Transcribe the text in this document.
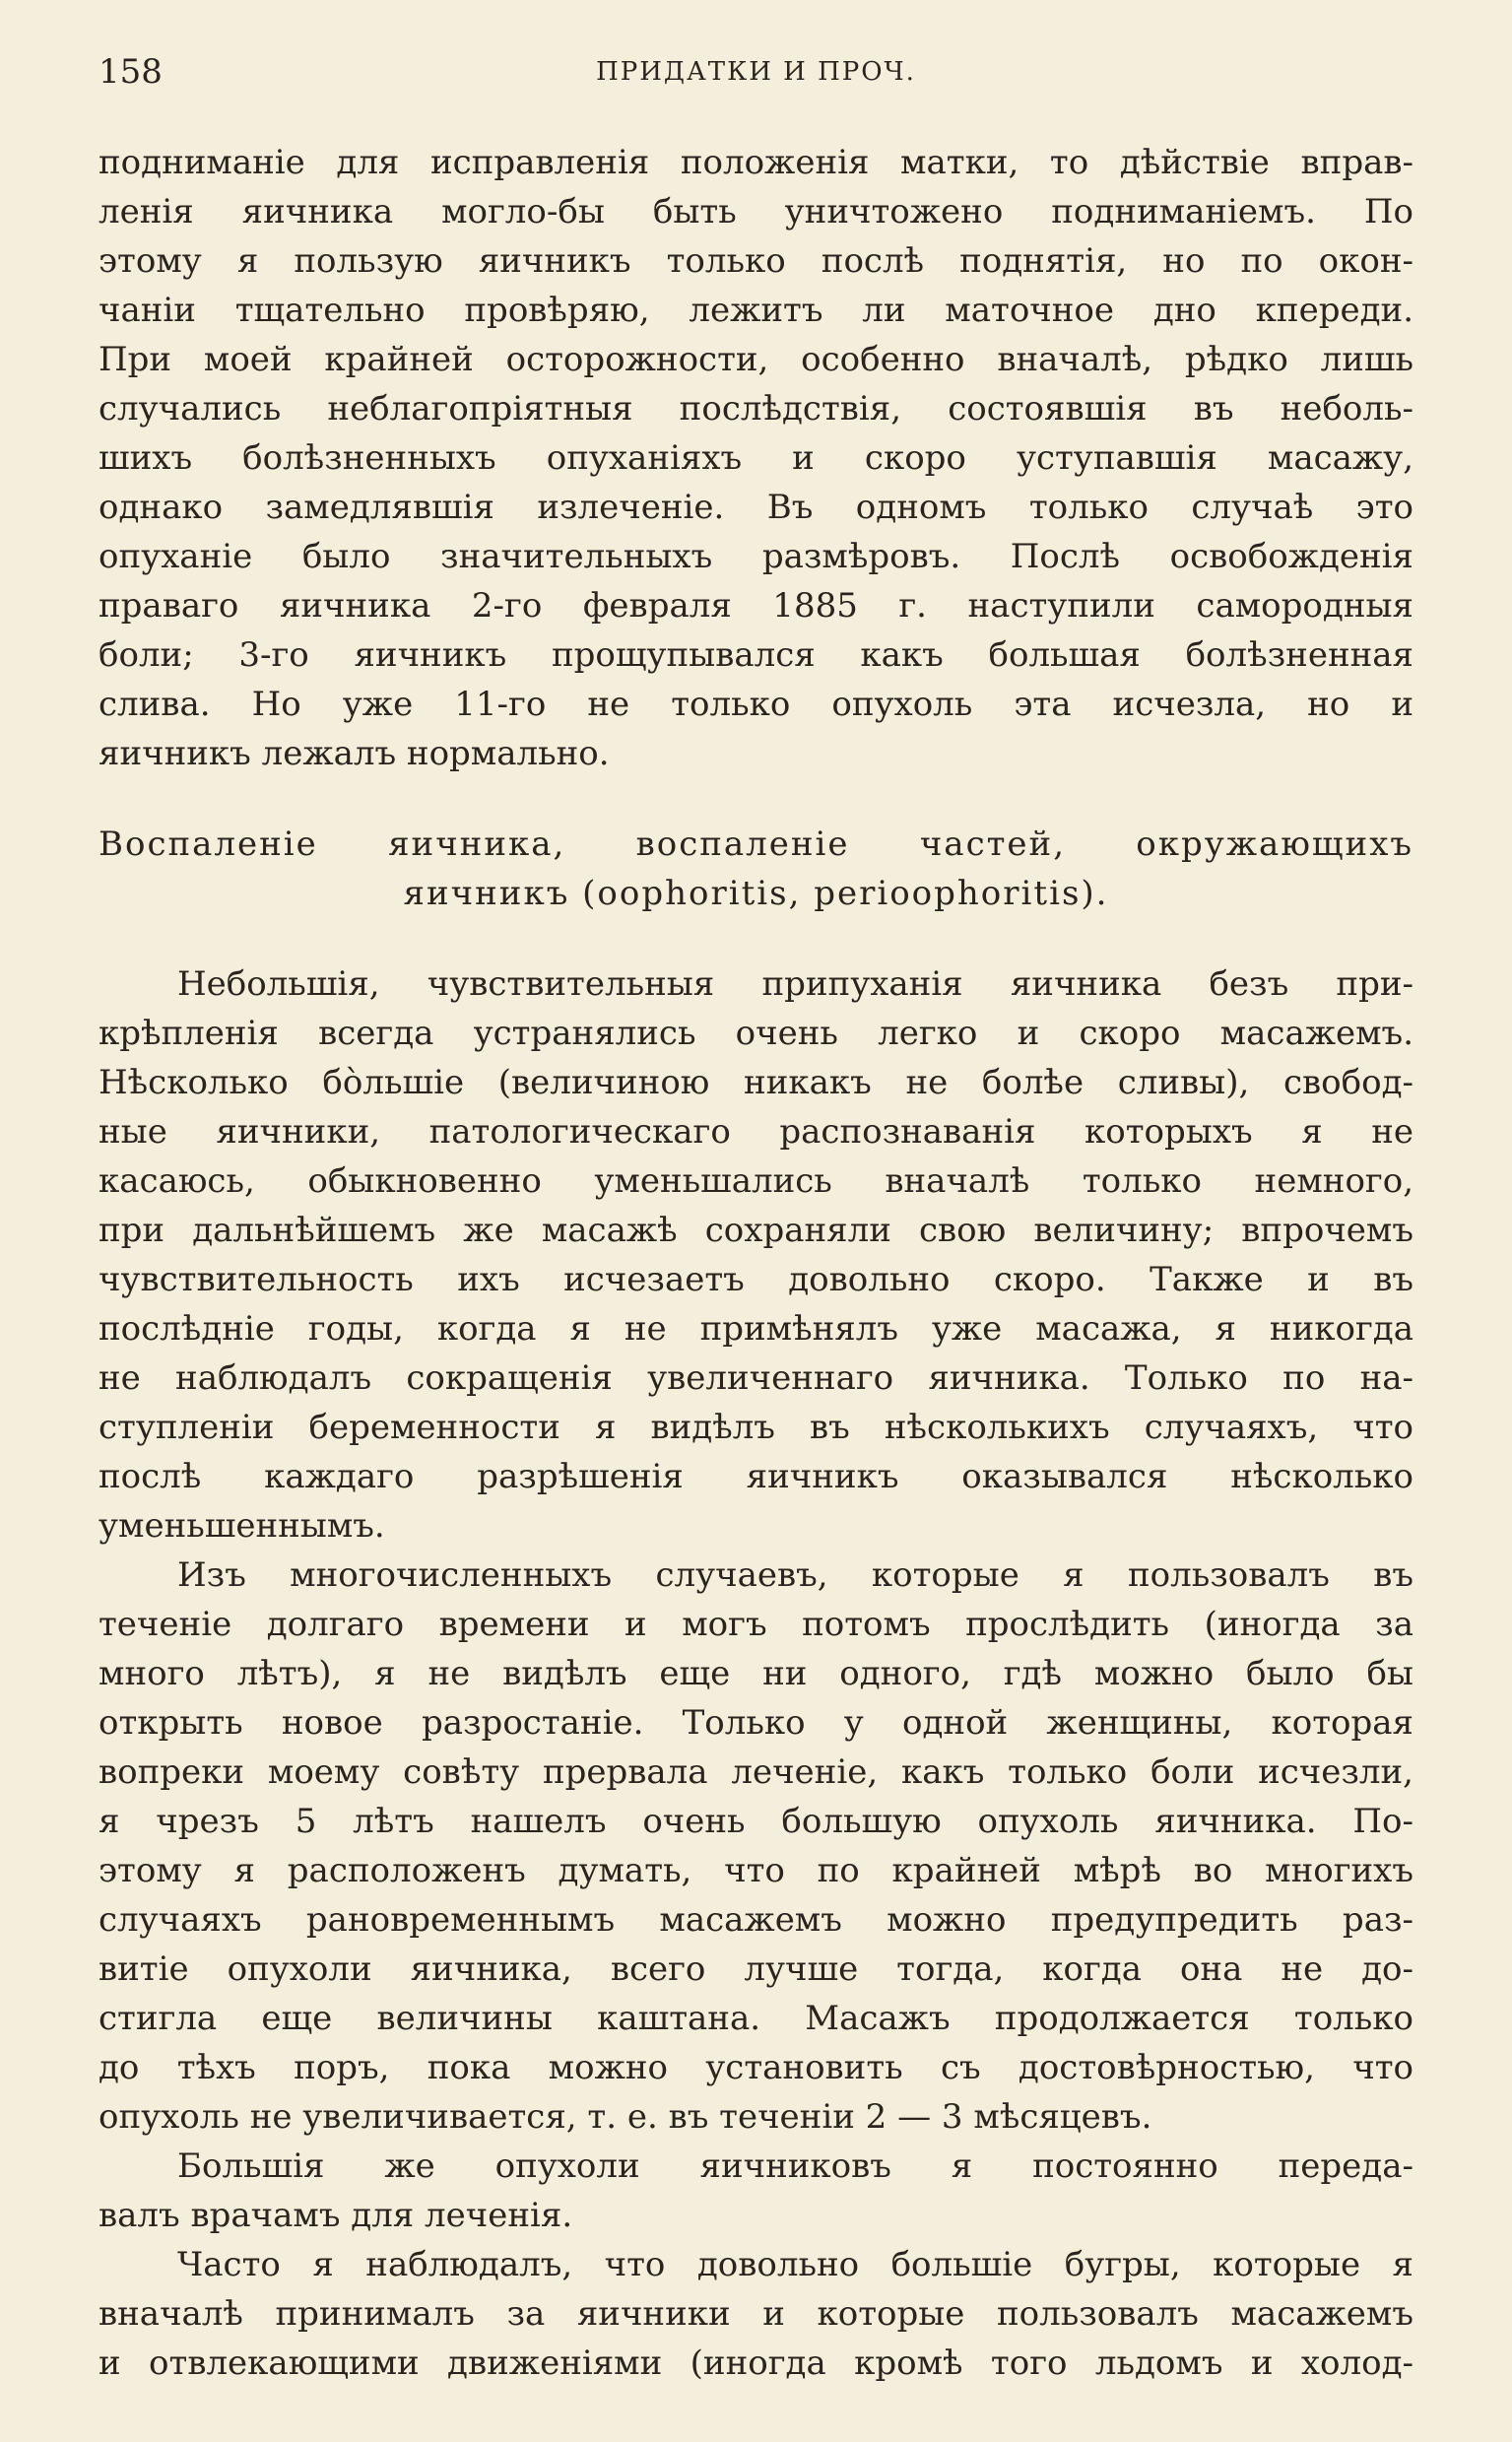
158	ПРИДАТКИ И ПРОЧ.
подниманіе для исправленія положенія матки, то дѣйствіе вправ-
ленія яичника могло-бы быть уничтожено подниманіемъ. По
этому я пользую яичникъ только послѣ поднятія, но по окон-
чаніи тщательно провѣряю, лежитъ ли маточное дно кпереди.
При моей крайней осторожности, особенно вначалѣ, рѣдко лишь
случались неблагопріятныя послѣдствія, состоявшія въ неболь-
шихъ болѣзненныхъ опуханіяхъ и скоро уступавшія масажу,
однако замедлявшія излеченіе. Въ одномъ только случаѣ это
опуханіе было значительныхъ размѣровъ. Послѣ освобожденія
праваго яичника 2-го февраля 1885 г. наступили самородныя
боли; 3-го яичникъ прощупывался какъ большая болѣзненная
слива. Но уже 11-го не только опухоль эта исчезла, но и
яичникъ лежалъ нормально.
Воспаленіе яичника, воспаленіе частей, окружающихъ
яичникъ (oophoritis, perioophoritis).
Небольшія, чувствительныя припуханія яичника безъ при-
крѣпленія всегда устранялись очень легко и скоро масажемъ.
Нѣсколько бо̀льшіе (величиною никакъ не болѣе сливы), свобод-
ные яичники, патологическаго распознаванія которыхъ я не
касаюсь, обыкновенно уменьшались вначалѣ только немного,
при дальнѣйшемъ же масажѣ сохраняли свою величину; впрочемъ
чувствительность ихъ исчезаетъ довольно скоро. Также и въ
послѣдніе годы, когда я не примѣнялъ уже масажа, я никогда
не наблюдалъ сокращенія увеличеннаго яичника. Только по на-
ступленіи беременности я видѣлъ въ нѣсколькихъ случаяхъ, что
послѣ каждаго разрѣшенія яичникъ оказывался нѣсколько
уменьшеннымъ.
Изъ многочисленныхъ случаевъ, которые я пользовалъ въ
теченіе долгаго времени и могъ потомъ прослѣдить (иногда за
много лѣтъ), я не видѣлъ еще ни одного, гдѣ можно было бы
открыть новое разростаніе. Только у одной женщины, которая
вопреки моему совѣту прервала леченіе, какъ только боли исчезли,
я чрезъ 5 лѣтъ нашелъ очень большую опухоль яичника. По-
этому я расположенъ думать, что по крайней мѣрѣ во многихъ
случаяхъ рановременнымъ масажемъ можно предупредить раз-
витіе опухоли яичника, всего лучше тогда, когда она не до-
стигла еще величины каштана. Масажъ продолжается только
до тѣхъ поръ, пока можно установить съ достовѣрностью, что
опухоль не увеличивается, т. е. въ теченіи 2 — 3 мѣсяцевъ.
Большія же опухоли яичниковъ я постоянно переда-
валъ врачамъ для леченія.
Часто я наблюдалъ, что довольно большіе бугры, которые я
вначалѣ принималъ за яичники и которые пользовалъ масажемъ
и отвлекающими движеніями (иногда кромѣ того льдомъ и холод-
